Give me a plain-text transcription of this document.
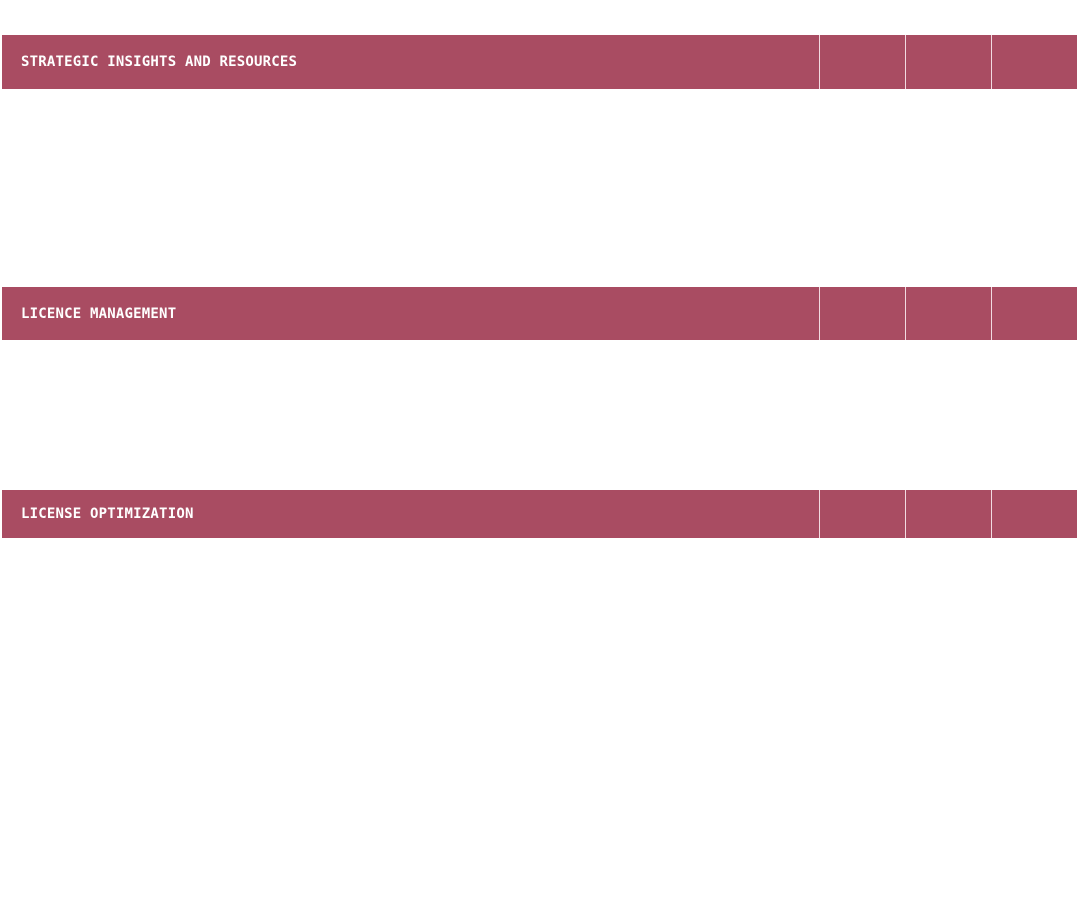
STRATEGIC INSIGHTS AND RESOURCES
LICENCE MANAGEMENT
LICENSE OPTIMIZATION
